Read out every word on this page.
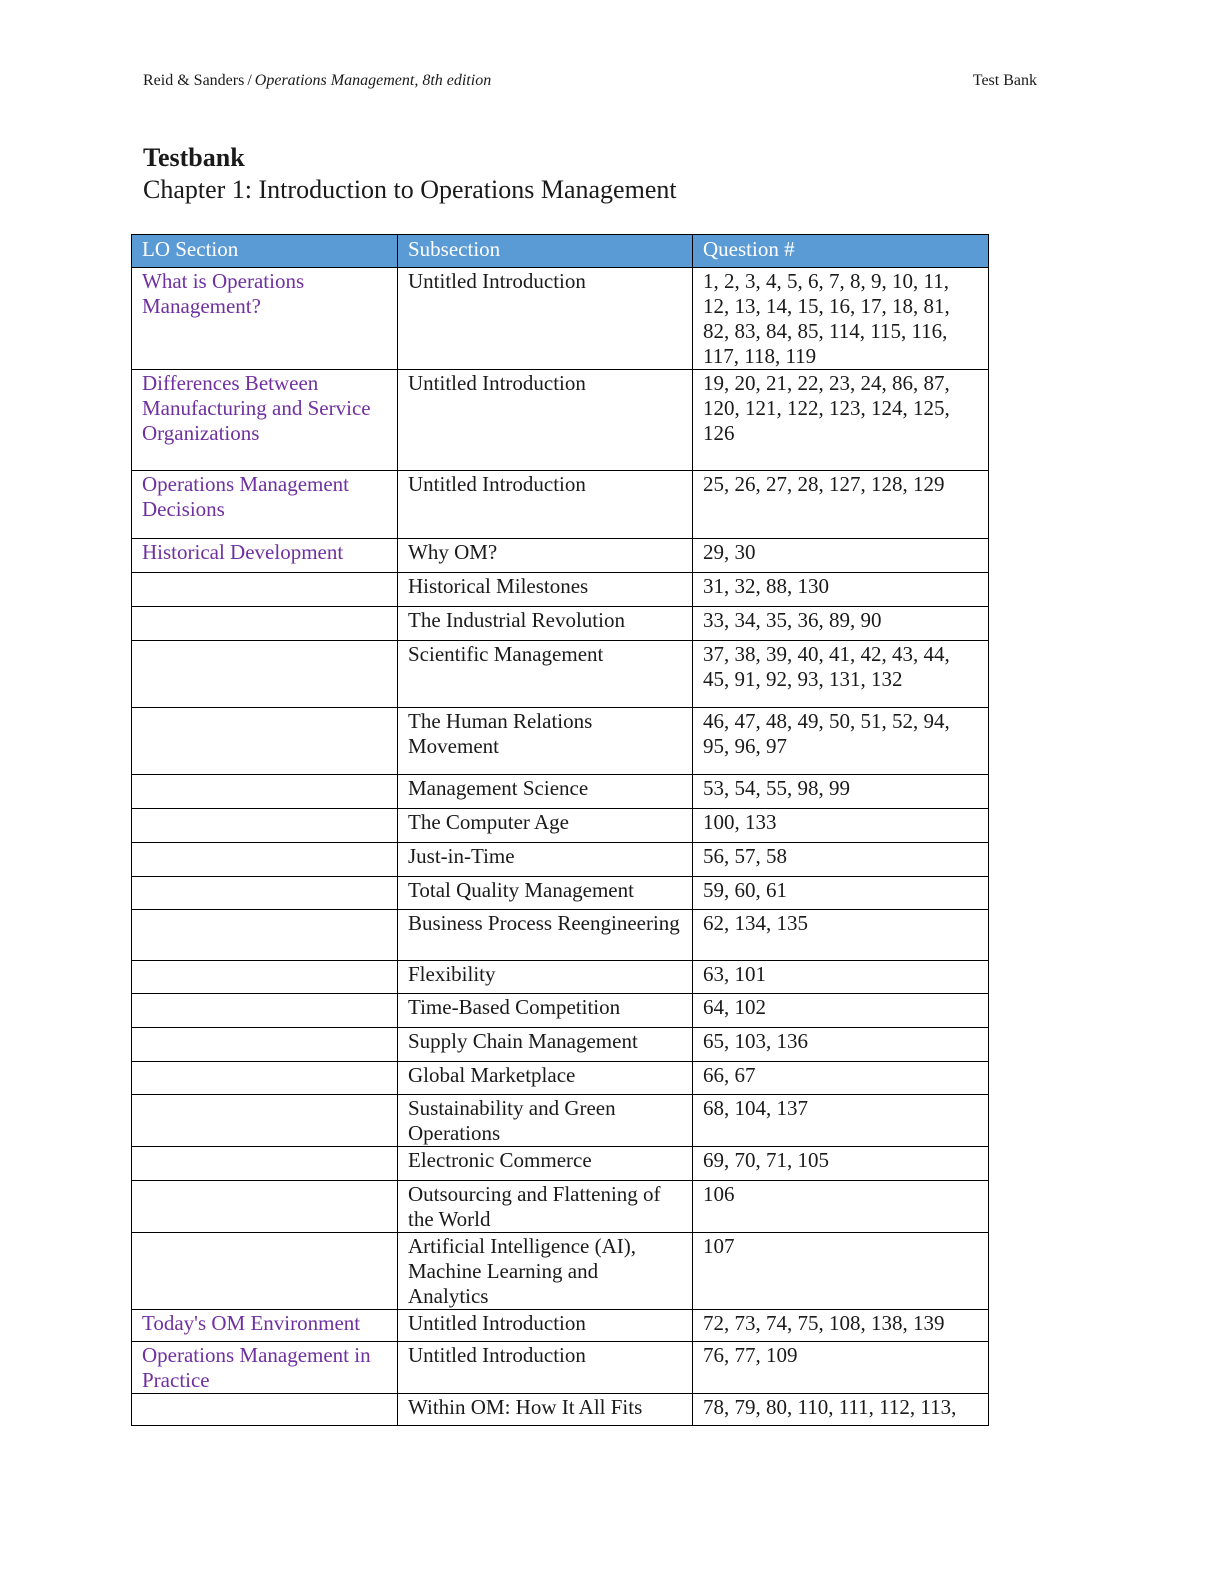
Reid & Sanders / Operations Management, 8th edition	Test Bank
Testbank
Chapter 1: Introduction to Operations Management
LO Section	Subsection	Question #
What is Operations Management?	Untitled Introduction	1, 2, 3, 4, 5, 6, 7, 8, 9, 10, 11, 12, 13, 14, 15, 16, 17, 18, 81, 82, 83, 84, 85, 114, 115, 116, 117, 118, 119
Differences Between Manufacturing and Service Organizations	Untitled Introduction	19, 20, 21, 22, 23, 24, 86, 87, 120, 121, 122, 123, 124, 125, 126
Operations Management Decisions	Untitled Introduction	25, 26, 27, 28, 127, 128, 129
Historical Development	Why OM?	29, 30
	Historical Milestones	31, 32, 88, 130
	The Industrial Revolution	33, 34, 35, 36, 89, 90
	Scientific Management	37, 38, 39, 40, 41, 42, 43, 44, 45, 91, 92, 93, 131, 132
	The Human Relations Movement	46, 47, 48, 49, 50, 51, 52, 94, 95, 96, 97
	Management Science	53, 54, 55, 98, 99
	The Computer Age	100, 133
	Just-in-Time	56, 57, 58
	Total Quality Management	59, 60, 61
	Business Process Reengineering	62, 134, 135
	Flexibility	63, 101
	Time-Based Competition	64, 102
	Supply Chain Management	65, 103, 136
	Global Marketplace	66, 67
	Sustainability and Green Operations	68, 104, 137
	Electronic Commerce	69, 70, 71, 105
	Outsourcing and Flattening of the World	106
	Artificial Intelligence (AI), Machine Learning and Analytics	107
Today's OM Environment	Untitled Introduction	72, 73, 74, 75, 108, 138, 139
Operations Management in Practice	Untitled Introduction	76, 77, 109
	Within OM: How It All Fits	78, 79, 80, 110, 111, 112, 113,
